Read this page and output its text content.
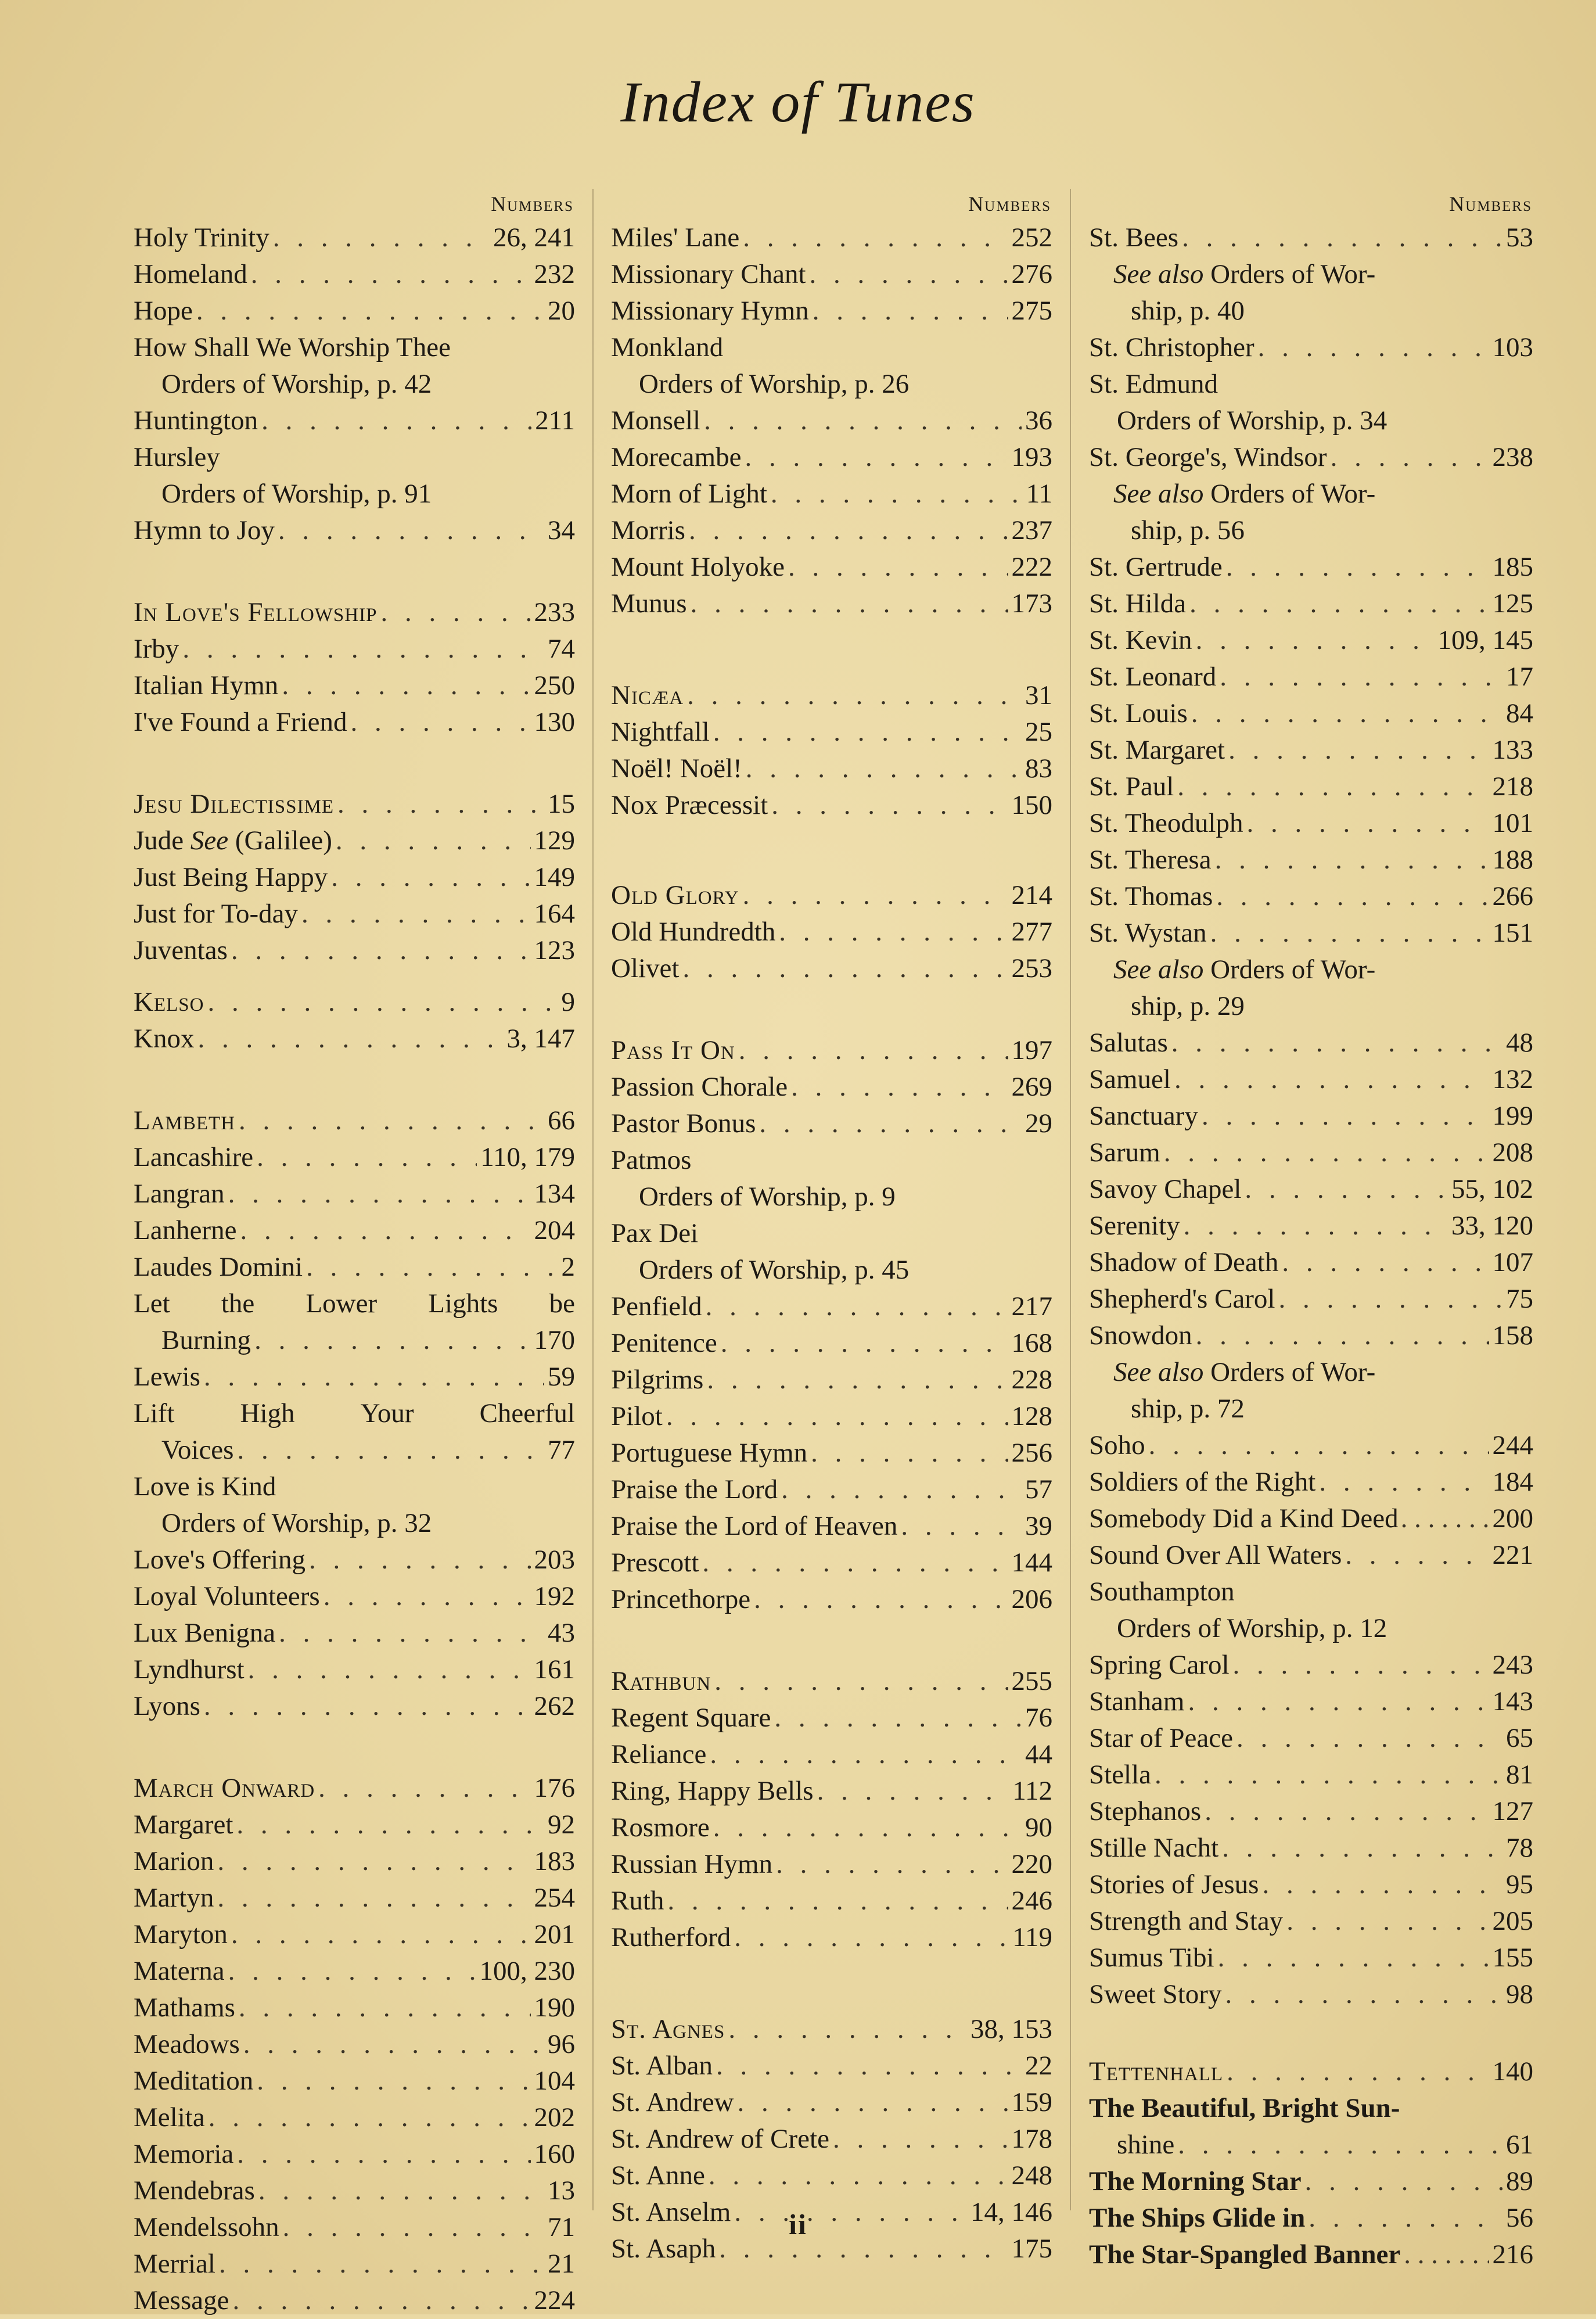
Index of Tunes
Numbers
Holy Trinity . . .	26, 241
Homeland . . .	232
Hope . . .	20
How Shall We Worship Thee
Orders of Worship, p. 42
Huntington . . .	211
Hursley
Orders of Worship, p. 91
Hymn to Joy . . .	34
In Love's Fellowship . . .	233
Irby . . .	74
Italian Hymn . . .	250
I've Found a Friend . . .	130
Jesu Dilectissime . . .	15
Jude See (Galilee) . . .	129
Just Being Happy . . .	149
Just for To-day . . .	164
Juventas . . .	123
Kelso . . .	9
Knox . . .	3, 147
Lambeth . . .	66
Lancashire . . .	110, 179
Langran . . .	134
Lanherne . . .	204
Laudes Domini . . .	2
Let the Lower Lights be
Burning . . .	170
Lewis . . .	59
Lift High Your Cheerful
Voices . . .	77
Love is Kind
Orders of Worship, p. 32
Love's Offering . . .	203
Loyal Volunteers . . .	192
Lux Benigna . . .	43
Lyndhurst . . .	161
Lyons . . .	262
March Onward . . .	176
Margaret . . .	92
Marion . . .	183
Martyn . . .	254
Maryton . . .	201
Materna . . .	100, 230
Mathams . . .	190
Meadows . . .	96
Meditation . . .	104
Melita . . .	202
Memoria . . .	160
Mendebras . . .	13
Mendelssohn . . .	71
Merrial . . .	21
Message . . .	224
Numbers
Miles' Lane . . .	252
Missionary Chant . . .	276
Missionary Hymn . . .	275
Monkland
Orders of Worship, p. 26
Monsell . . .	36
Morecambe . . .	193
Morn of Light . . .	11
Morris . . .	237
Mount Holyoke . . .	222
Munus . . .	173
Nicæa . . .	31
Nightfall . . .	25
Noël! Noël! . . .	83
Nox Præcessit . . .	150
Old Glory . . .	214
Old Hundredth . . .	277
Olivet . . .	253
Pass It On . . .	197
Passion Chorale . . .	269
Pastor Bonus . . .	29
Patmos
Orders of Worship, p. 9
Pax Dei
Orders of Worship, p. 45
Penfield . . .	217
Penitence . . .	168
Pilgrims . . .	228
Pilot . . .	128
Portuguese Hymn . . .	256
Praise the Lord . . .	57
Praise the Lord of Heaven . . .	39
Prescott . . .	144
Princethorpe . . .	206
Rathbun . . .	255
Regent Square . . .	76
Reliance . . .	44
Ring, Happy Bells . . .	112
Rosmore . . .	90
Russian Hymn . . .	220
Ruth . . .	246
Rutherford . . .	119
St. Agnes . . .	38, 153
St. Alban . . .	22
St. Andrew . . .	159
St. Andrew of Crete . . .	178
St. Anne . . .	248
St. Anselm . . .	14, 146
St. Asaph . . .	175
Numbers
St. Bees . . .	53
See also Orders of Wor-
ship, p. 40
St. Christopher . . .	103
St. Edmund
Orders of Worship, p. 34
St. George's, Windsor . . .	238
See also Orders of Wor-
ship, p. 56
St. Gertrude . . .	185
St. Hilda . . .	125
St. Kevin . . .	109, 145
St. Leonard . . .	17
St. Louis . . .	84
St. Margaret . . .	133
St. Paul . . .	218
St. Theodulph . . .	101
St. Theresa . . .	188
St. Thomas . . .	266
St. Wystan . . .	151
See also Orders of Wor-
ship, p. 29
Salutas . . .	48
Samuel . . .	132
Sanctuary . . .	199
Sarum . . .	208
Savoy Chapel . . .	55, 102
Serenity . . .	33, 120
Shadow of Death . . .	107
Shepherd's Carol . . .	75
Snowdon . . .	158
See also Orders of Wor-
ship, p. 72
Soho . . .	244
Soldiers of the Right . . .	184
Somebody Did a Kind Deed . . .	200
Sound Over All Waters . . .	221
Southampton
Orders of Worship, p. 12
Spring Carol . . .	243
Stanham . . .	143
Star of Peace . . .	65
Stella . . .	81
Stephanos . . .	127
Stille Nacht . . .	78
Stories of Jesus . . .	95
Strength and Stay . . .	205
Sumus Tibi . . .	155
Sweet Story . . .	98
Tettenhall . . .	140
The Beautiful, Bright Sun-
shine . . .	61
The Morning Star . . .	89
The Ships Glide in . . .	56
The Star-Spangled Banner . . .	216
ii
